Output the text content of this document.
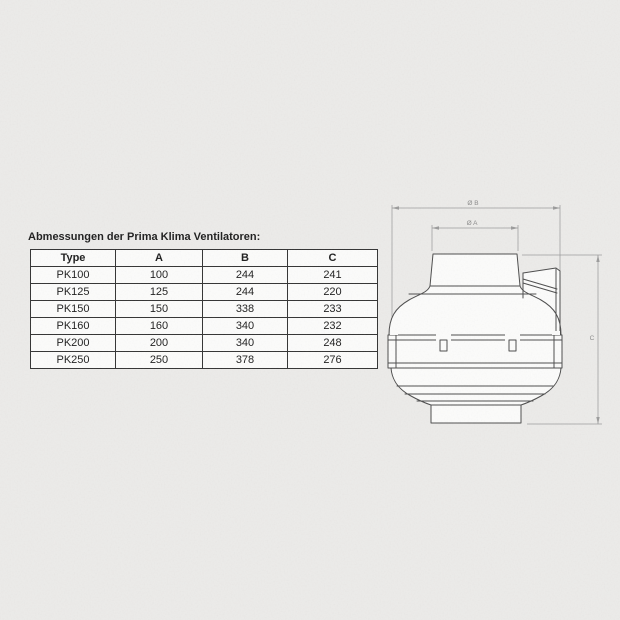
Abmessungen der Prima Klima Ventilatoren:
Type	A	B	C
PK100	100	244	241
PK125	125	244	220
PK150	150	338	233
PK160	160	340	232
PK200	200	340	248
PK250	250	378	276
Ø B
Ø A
C
